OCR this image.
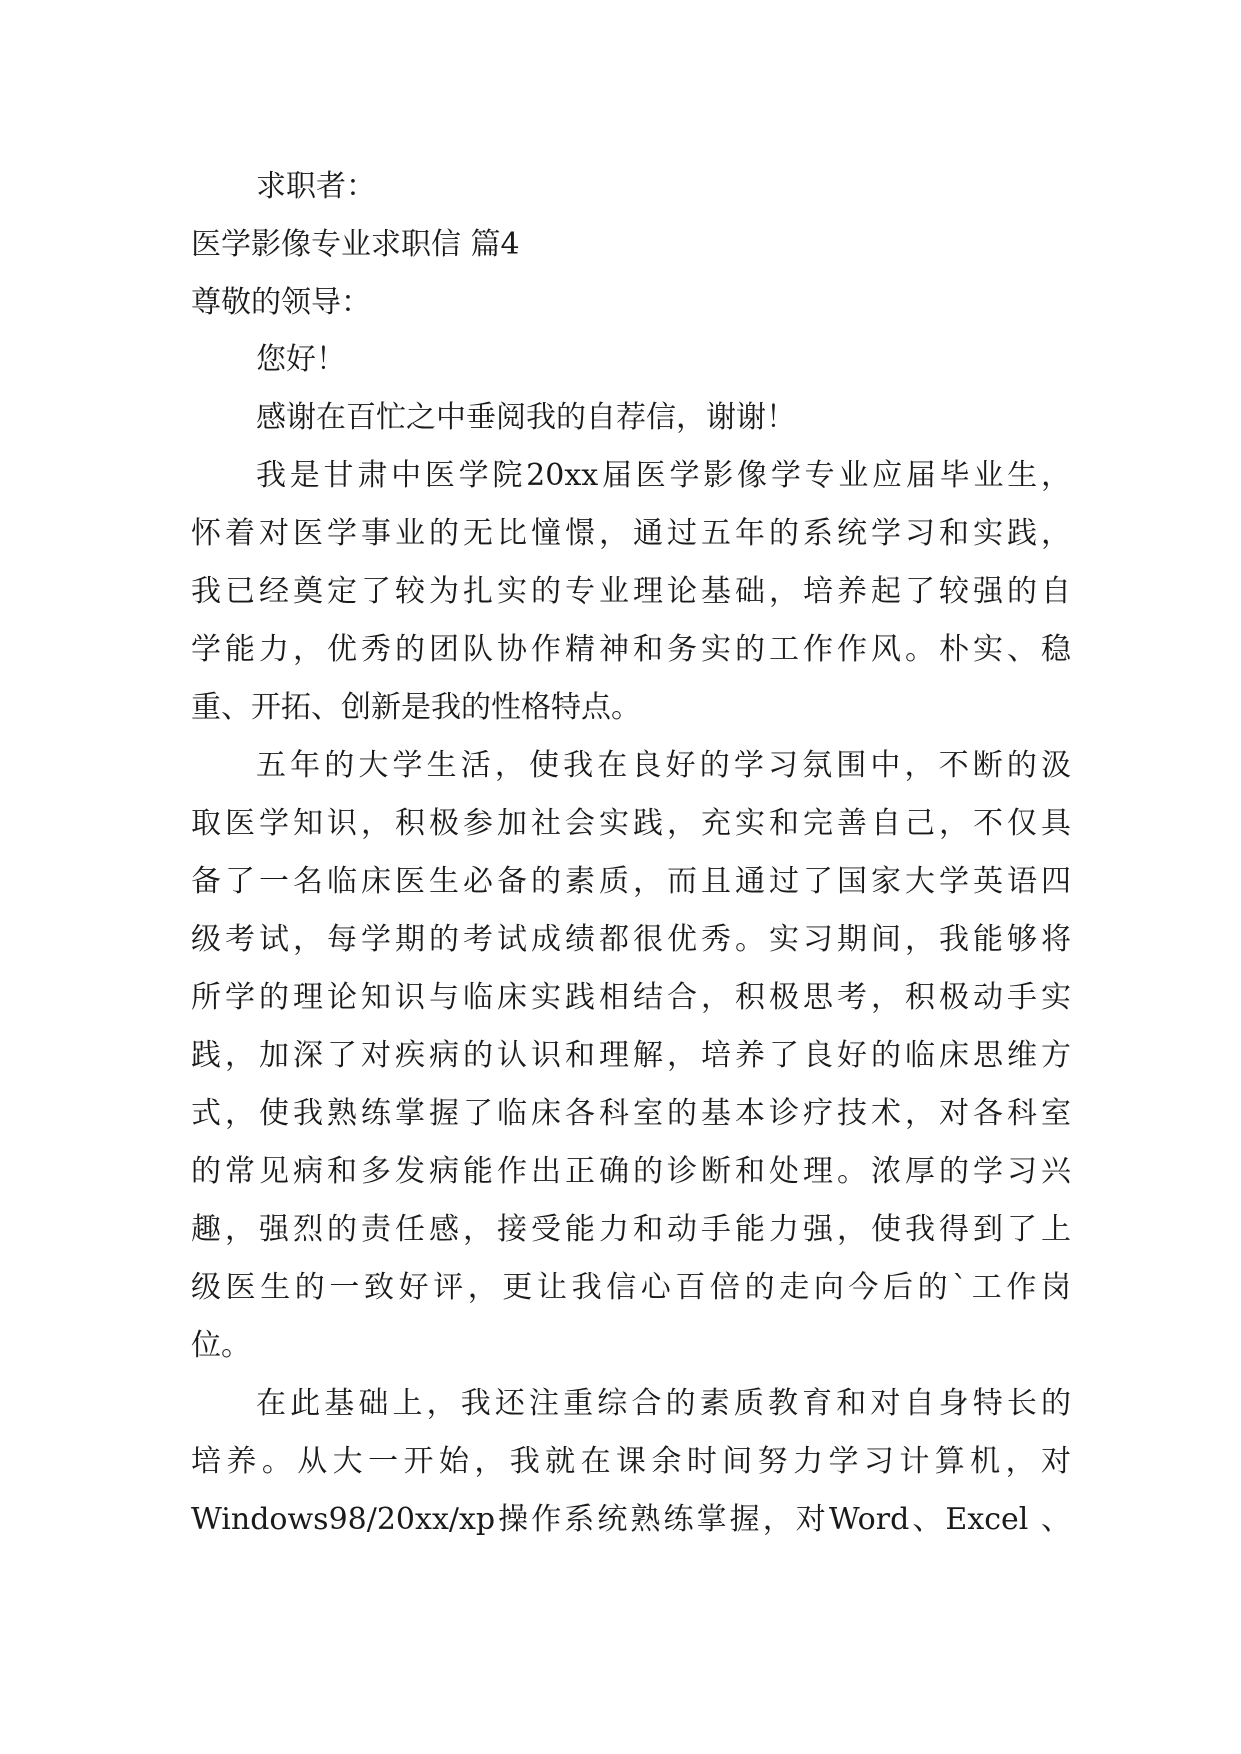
求职者：
医学影像专业求职信 篇4
尊敬的领导：
您好！
感谢在百忙之中垂阅我的自荐信，谢谢！
我是甘肃中医学院20xx届医学影像学专业应届毕业生，
怀着对医学事业的无比憧憬，通过五年的系统学习和实践，
我已经奠定了较为扎实的专业理论基础，培养起了较强的自
学能力，优秀的团队协作精神和务实的工作作风。朴实、稳
重、开拓、创新是我的性格特点。
五年的大学生活，使我在良好的学习氛围中，不断的汲
取医学知识，积极参加社会实践，充实和完善自己，不仅具
备了一名临床医生必备的素质，而且通过了国家大学英语四
级考试，每学期的考试成绩都很优秀。实习期间，我能够将
所学的理论知识与临床实践相结合，积极思考，积极动手实
践，加深了对疾病的认识和理解，培养了良好的临床思维方
式，使我熟练掌握了临床各科室的基本诊疗技术，对各科室
的常见病和多发病能作出正确的诊断和处理。浓厚的学习兴
趣，强烈的责任感，接受能力和动手能力强，使我得到了上
级医生的一致好评，更让我信心百倍的走向今后的`工作岗
位。
在此基础上，我还注重综合的素质教育和对自身特长的
培养。从大一开始，我就在课余时间努力学习计算机，对
Windows98/20xx/xp操作系统熟练掌握，对Word、Excel 、
